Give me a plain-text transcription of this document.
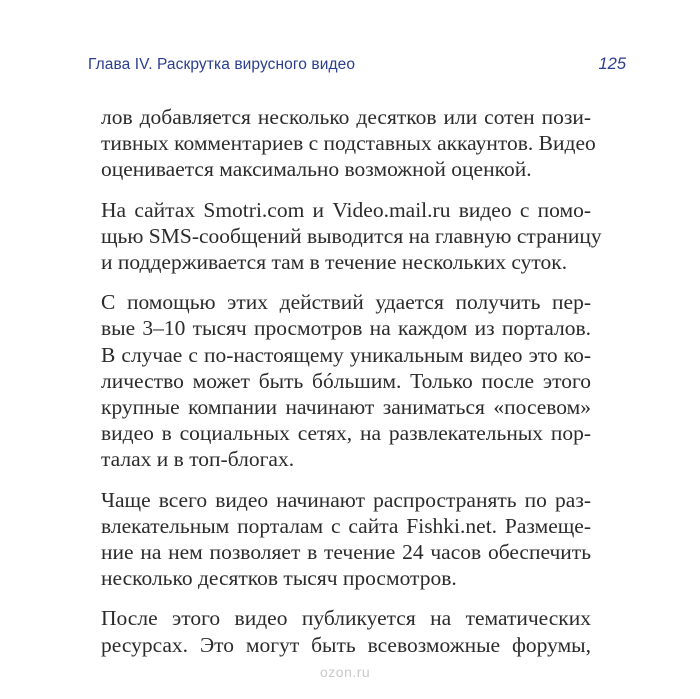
Глава IV. Раскрутка вирусного видео	125

лов добавляется несколько десятков или сотен пози-
тивных комментариев с подставных аккаунтов. Видео
оценивается максимально возможной оценкой.

На сайтах Smotri.com и Video.mail.ru видео с помо-
щью SMS-сообщений выводится на главную страницу
и поддерживается там в течение нескольких суток.

С помощью этих действий удается получить пер-
вые 3–10 тысяч просмотров на каждом из порталов.
В случае с по-настоящему уникальным видео это ко-
личество может быть бóльшим. Только после этого
крупные компании начинают заниматься «посевом»
видео в социальных сетях, на развлекательных пор-
талах и в топ-блогах.

Чаще всего видео начинают распространять по раз-
влекательным порталам с сайта Fishki.net. Размеще-
ние на нем позволяет в течение 24 часов обеспечить
несколько десятков тысяч просмотров.

После этого видео публикуется на тематических
ресурсах. Это могут быть всевозможные форумы,

ozon.ru
